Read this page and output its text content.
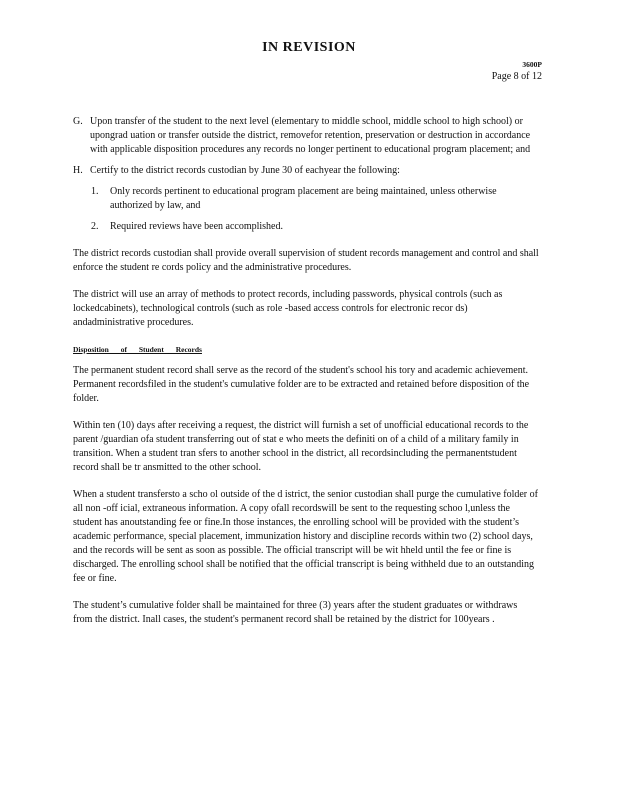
IN REVISION
3600P
Page 8 of 12
G. Upon transfer of the student to the next level (elementary to middle school, middle school to high school) or upongrad uation or transfer outside the district, removefor retention, preservation or destruction in accordance with applicable disposition procedures any records no longer pertinent to educational program placement; and

H. Certify to the district records custodian by June 30 of eachyear the following:

1. Only records pertinent to educational program placement are being maintained, unless otherwise authorized by law, and

2. Required reviews have been accomplished.

The district records custodian shall provide overall supervision of student records management and control and shall enforce the student re cords policy and the administrative procedures.

The district will use an array of methods to protect records, including passwords, physical controls (such as lockedcabinets), technological controls (such as role -based access controls for electronic recor ds) andadministrative procedures.

Disposition of Student Records

The permanent student record shall serve as the record of the student's school his tory and academic achievement. Permanent recordsfiled in the student's cumulative folder are to be extracted and retained before disposition of the folder.

Within ten (10) days after receiving a request, the district will furnish a set of unofficial educational records to the parent /guardian ofa student transferring out of stat e who meets the definiti on of a child of a military family in transition. When a student tran sfers to another school in the district, all recordsincluding the permanentstudent record shall be tr ansmitted to the other school.

When a student transfersto a scho ol outside of the d istrict, the senior custodian shall purge the cumulative folder of all non -off icial, extraneous information. A copy ofall recordswill be sent to the requesting schoo l,unless the student has anoutstanding fee or fine.In those instances, the enrolling school will be provided with the student’s academic performance, special placement, immunization history and discipline records within two (2) school days, and the records will be sent as soon as possible. The official transcript will be wit hheld until the fee or fine is discharged. The enrolling school shall be notified that the official transcript is being withheld due to an outstanding fee or fine.

The student’s cumulative folder shall be maintained for three (3) years after the student graduates or withdraws from the district. Inall cases, the student's permanent record shall be retained by the district for 100years .
